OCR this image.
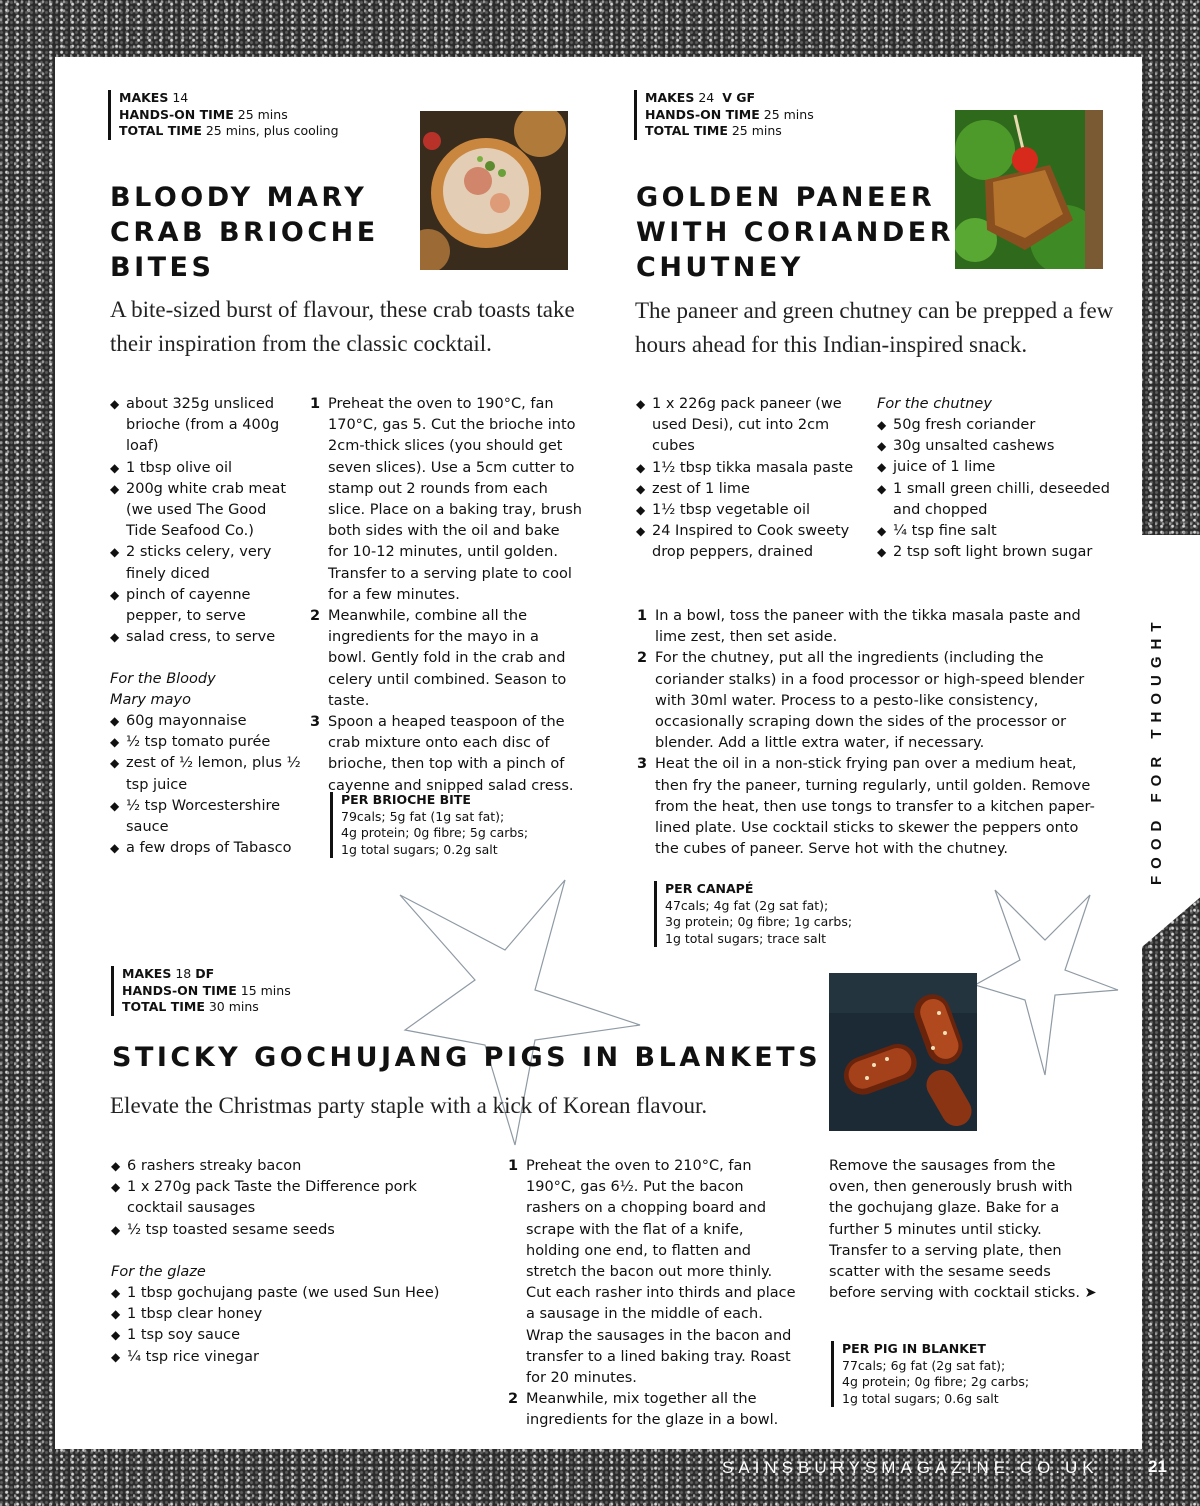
FOOD FOR THOUGHT
MAKES 14
HANDS-ON TIME 25 mins
TOTAL TIME 25 mins, plus cooling
BLOODY MARY
CRAB BRIOCHE
BITES
A bite-sized burst of flavour, these crab toasts take their inspiration from the classic cocktail.
◆ about 325g unsliced brioche (from a 400g loaf)
◆ 1 tbsp olive oil
◆ 200g white crab meat (we used The Good Tide Seafood Co.)
◆ 2 sticks celery, very finely diced
◆ pinch of cayenne pepper, to serve
◆ salad cress, to serve

For the Bloody Mary mayo

◆ 60g mayonnaise
◆ ½ tsp tomato purée
◆ zest of ½ lemon, plus ½ tsp juice
◆ ½ tsp Worcestershire sauce
◆ a few drops of Tabasco
1 Preheat the oven to 190°C, fan 170°C, gas 5. Cut the brioche into 2cm-thick slices (you should get seven slices). Use a 5cm cutter to stamp out 2 rounds from each slice. Place on a baking tray, brush both sides with the oil and bake for 10-12 minutes, until golden. Transfer to a serving plate to cool for a few minutes.
2 Meanwhile, combine all the ingredients for the mayo in a bowl. Gently fold in the crab and celery until combined. Season to taste.
3 Spoon a heaped teaspoon of the crab mixture onto each disc of brioche, then top with a pinch of cayenne and snipped salad cress.
PER BRIOCHE BITE
79cals; 5g fat (1g sat fat);
4g protein; 0g fibre; 5g carbs;
1g total sugars; 0.2g salt
MAKES 24 V GF
HANDS-ON TIME 25 mins
TOTAL TIME 25 mins
GOLDEN PANEER
WITH CORIANDER
CHUTNEY
The paneer and green chutney can be prepped a few hours ahead for this Indian-inspired snack.
◆ 1 x 226g pack paneer (we used Desi), cut into 2cm cubes
◆ 1½ tbsp tikka masala paste
◆ zest of 1 lime
◆ 1½ tbsp vegetable oil
◆ 24 Inspired to Cook sweety drop peppers, drained

For the chutney

◆ 50g fresh coriander
◆ 30g unsalted cashews
◆ juice of 1 lime
◆ 1 small green chilli, deseeded and chopped
◆ ¼ tsp fine salt
◆ 2 tsp soft light brown sugar
1 In a bowl, toss the paneer with the tikka masala paste and lime zest, then set aside.
2 For the chutney, put all the ingredients (including the coriander stalks) in a food processor or high-speed blender with 30ml water. Process to a pesto-like consistency, occasionally scraping down the sides of the processor or blender. Add a little extra water, if necessary.
3 Heat the oil in a non-stick frying pan over a medium heat, then fry the paneer, turning regularly, until golden. Remove from the heat, then use tongs to transfer to a kitchen paper-lined plate. Use cocktail sticks to skewer the peppers onto the cubes of paneer. Serve hot with the chutney.
PER CANAPÉ
47cals; 4g fat (2g sat fat);
3g protein; 0g fibre; 1g carbs;
1g total sugars; trace salt
MAKES 18 DF
HANDS-ON TIME 15 mins
TOTAL TIME 30 mins
STICKY GOCHUJANG PIGS IN BLANKETS
Elevate the Christmas party staple with a kick of Korean flavour.
◆ 6 rashers streaky bacon
◆ 1 x 270g pack Taste the Difference pork cocktail sausages
◆ ½ tsp toasted sesame seeds

For the glaze

◆ 1 tbsp gochujang paste (we used Sun Hee)
◆ 1 tbsp clear honey
◆ 1 tsp soy sauce
◆ ¼ tsp rice vinegar
1 Preheat the oven to 210°C, fan 190°C, gas 6½. Put the bacon rashers on a chopping board and scrape with the flat of a knife, holding one end, to flatten and stretch the bacon out more thinly. Cut each rasher into thirds and place a sausage in the middle of each. Wrap the sausages in the bacon and transfer to a lined baking tray. Roast for 20 minutes.
2 Meanwhile, mix together all the ingredients for the glaze in a bowl.
Remove the sausages from the oven, then generously brush with the gochujang glaze. Bake for a further 5 minutes until sticky. Transfer to a serving plate, then scatter with the sesame seeds before serving with cocktail sticks. ➤
PER PIG IN BLANKET
77cals; 6g fat (2g sat fat);
4g protein; 0g fibre; 2g carbs;
1g total sugars; 0.6g salt
SAINSBURYSMAGAZINE.CO.UK	21
